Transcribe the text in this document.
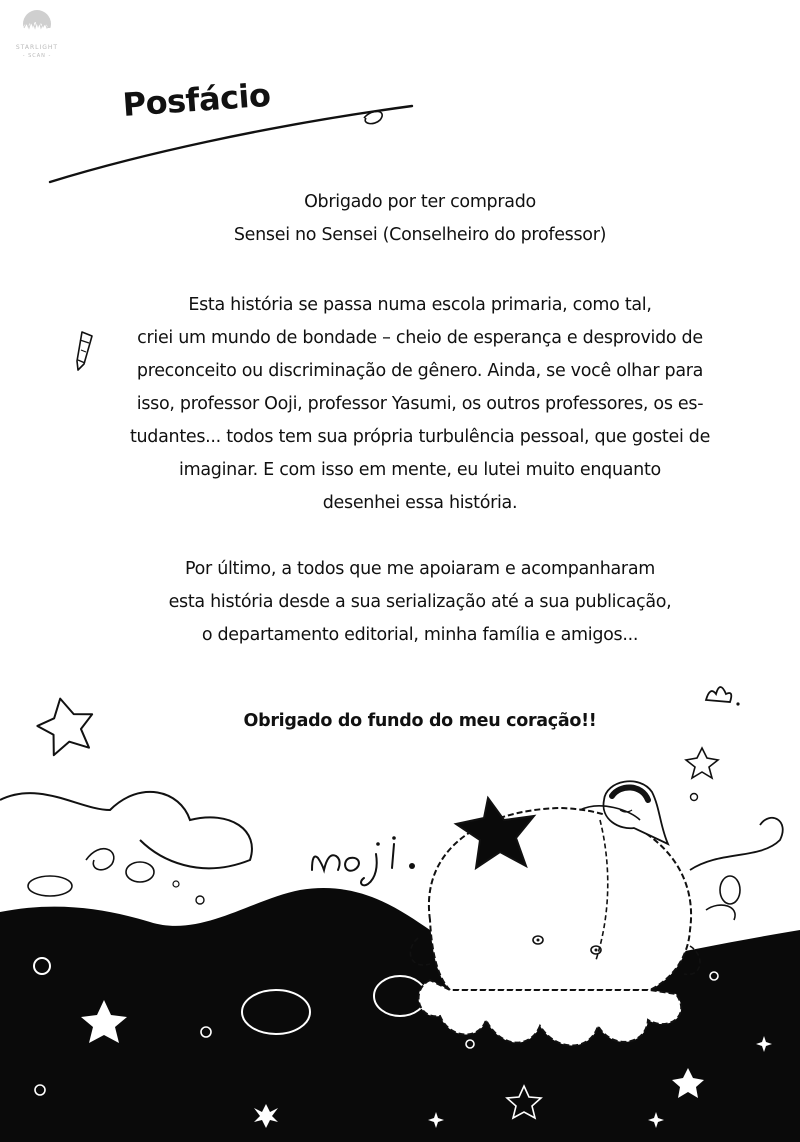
STARLIGHT
- SCAN -
Posfácio
Obrigado por ter comprado
Sensei no Sensei (Conselheiro do professor)
Esta história se passa numa escola primaria, como tal,
criei um mundo de bondade – cheio de esperança e desprovido de
preconceito ou discriminação de gênero. Ainda, se você olhar para
isso, professor Ooji, professor Yasumi, os outros professores, os es-
tudantes... todos tem sua própria turbulência pessoal, que gostei de
imaginar. E com isso em mente, eu lutei muito enquanto
desenhei essa história.
Por último, a todos que me apoiaram e acompanharam
esta história desde a sua serialização até a sua publicação,
o departamento editorial, minha família e amigos...
Obrigado do fundo do meu coração!!
